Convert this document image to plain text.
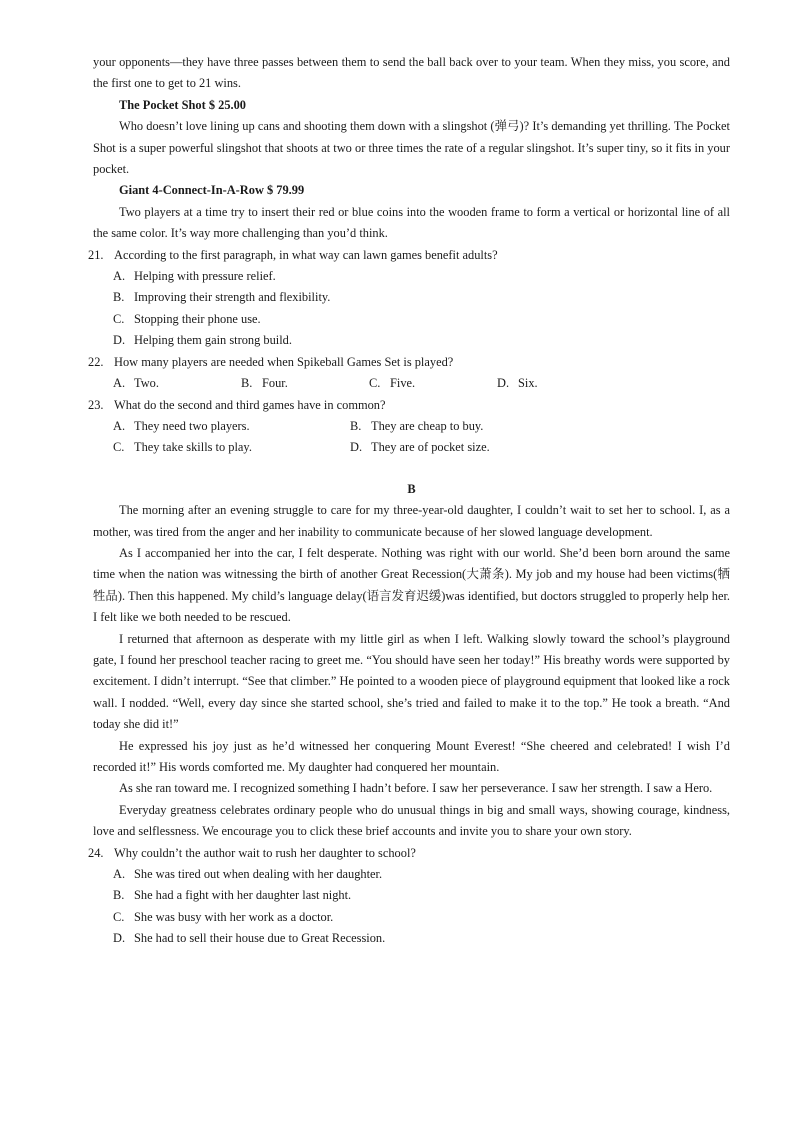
your opponents—they have three passes between them to send the ball back over to your team. When they miss, you score, and the first one to get to 21 wins.

The Pocket Shot $ 25.00

Who doesn’t love lining up cans and shooting them down with a slingshot (弹弓)? It’s demanding yet thrilling. The Pocket Shot is a super powerful slingshot that shoots at two or three times the rate of a regular slingshot. It’s super tiny, so it fits in your pocket.

Giant 4-Connect-In-A-Row $ 79.99

Two players at a time try to insert their red or blue coins into the wooden frame to form a vertical or horizontal line of all the same color. It’s way more challenging than you’d think.

21. According to the first paragraph, in what way can lawn games benefit adults?

A. Helping with pressure relief.
B. Improving their strength and flexibility.
C. Stopping their phone use.
D. Helping them gain strong build.

22. How many players are needed when Spikeball Games Set is played?

A. Two.	B. Four.	C. Five.	D. Six.

23. What do the second and third games have in common?

A. They need two players.	B. They are cheap to buy.
C. They take skills to play.	D. They are of pocket size.

B

The morning after an evening struggle to care for my three-year-old daughter, I couldn’t wait to set her to school. I, as a mother, was tired from the anger and her inability to communicate because of her slowed language development.

As I accompanied her into the car, I felt desperate. Nothing was right with our world. She’d been born around the same time when the nation was witnessing the birth of another Great Recession(大萧条). My job and my house had been victims(牺牲品). Then this happened. My child’s language delay(语言发育迟缓)was identified, but doctors struggled to properly help her. I felt like we both needed to be rescued.

I returned that afternoon as desperate with my little girl as when I left. Walking slowly toward the school’s playground gate, I found her preschool teacher racing to greet me. “You should have seen her today!” His breathy words were supported by excitement. I didn’t interrupt. “See that climber.” He pointed to a wooden piece of playground equipment that looked like a rock wall. I nodded. “Well, every day since she started school, she’s tried and failed to make it to the top.” He took a breath. “And today she did it!”

He expressed his joy just as he’d witnessed her conquering Mount Everest! “She cheered and celebrated! I wish I’d recorded it!” His words comforted me. My daughter had conquered her mountain.

As she ran toward me. I recognized something I hadn’t before. I saw her perseverance. I saw her strength. I saw a Hero.

Everyday greatness celebrates ordinary people who do unusual things in big and small ways, showing courage, kindness, love and selflessness. We encourage you to click these brief accounts and invite you to share your own story.

24. Why couldn’t the author wait to rush her daughter to school?

A. She was tired out when dealing with her daughter.
B. She had a fight with her daughter last night.
C. She was busy with her work as a doctor.
D. She had to sell their house due to Great Recession.
